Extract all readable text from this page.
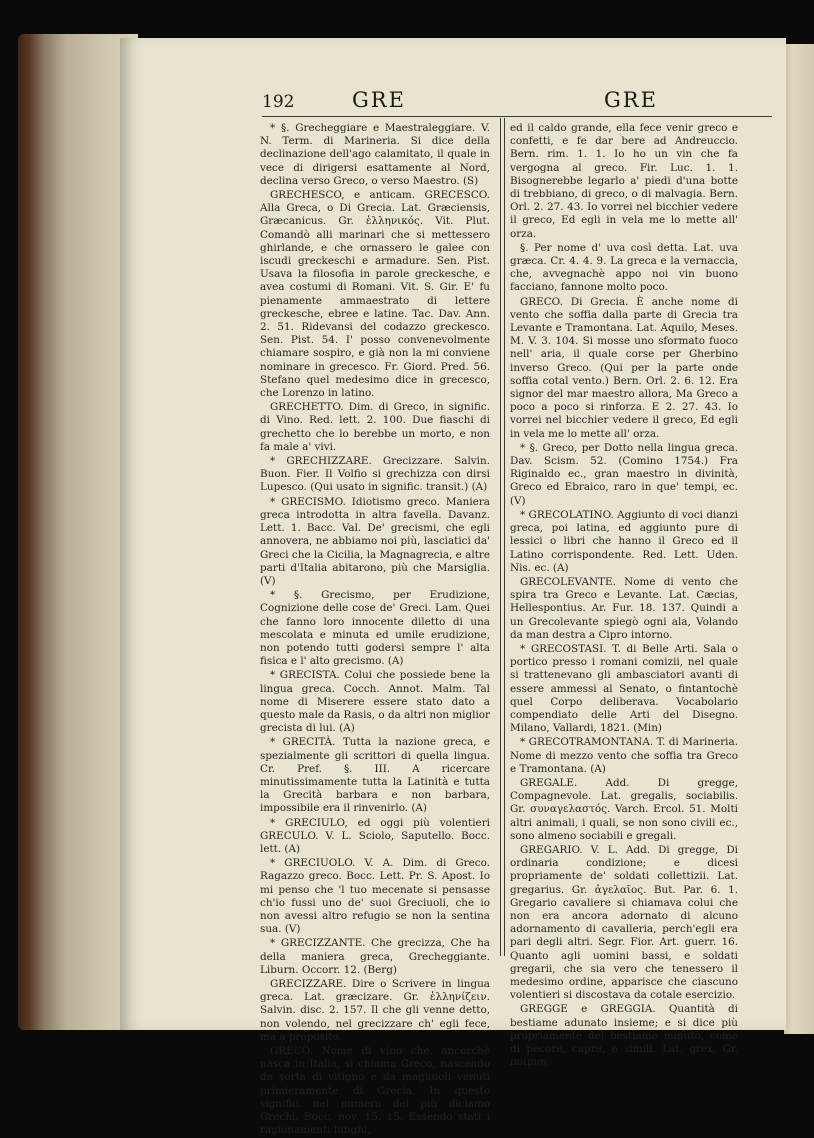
192	GRE	GRE

* §. Grecheggiare e Maestraleggiare. V. N. Term. di Marineria. Si dice della declinazione dell'ago calamitato, il quale in vece di dirigersi esattamente al Nord, declina verso Greco, o verso Maestro. (S)

GRECHESCO, e anticam. GRECESCO. Alla Greca, o Di Grecia. Lat. Græciensis, Græcanicus. Gr. ἑλληνικός. Vit. Plut. Comandò alli marinari che si mettessero ghirlande, e che ornassero le galee con iscudi greckeschi e armadure. Sen. Pist. Usava la filosofia in parole greckesche, e avea costumi di Romani. Vit. S. Gir. E' fu pienamente ammaestrato di lettere greckesche, ebree e latine. Tac. Dav. Ann. 2. 51. Ridevansi del codazzo greckesco. Sen. Pist. 54. I' posso convenevolmente chiamare sospiro, e già non la mi conviene nominare in grecesco. Fr. Giord. Pred. 56. Stefano quel medesimo dice in grecesco, che Lorenzo in latino.

GRECHETTO. Dim. di Greco, in signific. di Vino. Red. lett. 2. 100. Due fiaschi di grechetto che lo berebbe un morto, e non fa male a' vivi.

* GRECHIZZARE. Grecizzare. Salvin. Buon. Fier. Il Volfio si grechizza con dirsi Lupesco. (Qui usato in signific. transit.) (A)

* GRECISMO. Idiotismo greco. Maniera greca introdotta in altra favella. Davanz. Lett. 1. Bacc. Val. De' grecismi, che egli annovera, ne abbiamo noi più, lasciatici da' Greci che la Cicilia, la Magnagrecia, e altre parti d'Italia abitarono, più che Marsiglia. (V)

* §. Grecismo, per Erudizione, Cognizione delle cose de' Greci. Lam. Quei che fanno loro innocente diletto di una mescolata e minuta ed umile erudizione, non potendo tutti godersi sempre l' alta fisica e l' alto grecismo. (A)

* GRECISTA. Colui che possiede bene la lingua greca. Cocch. Annot. Malm. Tal nome di Miserere essere stato dato a questo male da Rasis, o da altri non miglior grecista di lui. (A)

* GRECITÀ. Tutta la nazione greca, e spezialmente gli scrittori di quella lingua. Cr. Pref. §. III. A ricercare minutissimamente tutta la Latinità e tutta la Grecità barbara e non barbara, impossibile era il rinvenirlo. (A)

* GRECIULO, ed oggi più volentieri GRECULO. V. L. Sciolo, Saputello. Bocc. lett. (A)

* GRECIUOLO. V. A. Dim. di Greco. Ragazzo greco. Bocc. Lett. Pr. S. Apost. Io mi penso che 'l tuo mecenate si pensasse ch'io fussi uno de' suoi Greciuoli, che io non avessi altro refugio se non la sentina sua. (V)

* GRECIZZANTE. Che grecizza, Che ha della maniera greca, Grecheggiante. Liburn. Occorr. 12. (Berg)

GRECIZZARE. Dire o Scrivere in lingua greca. Lat. græcizare. Gr. ἑλληνίζειν. Salvin. disc. 2. 157. Il che gli venne detto, non volendo, nel grecizzare ch' egli fece, ma a proposito.

GRECO. Nome di vino che, ancorchè nasca in Italia, si chiama Greco, nascendo da sorta di vitigno e da magliuoli venuti primieramente di Grecia. In questo signific. nel numero del più diciamo Grechi. Bocc. nov. 15. 15. Essendo stati i ragionamenti lunghi,

ed il caldo grande, ella fece venir greco e confetti, e fe dar bere ad Andreuccio. Bern. rim. 1. 1. Io ho un vin che fa vergogna al greco. Fir. Luc. 1. 1. Bisognerebbe legarlo a' piedi d'una botte di trebbiano, di greco, o di malvagia. Bern. Orl. 2. 27. 43. Io vorrei nel bicchier vedere il greco, Ed egli in vela me lo mette all' orza.

§. Per nome d' uva così detta. Lat. uva græca. Cr. 4. 4. 9. La greca e la vernaccia, che, avvegnachè appo noi vin buono facciano, fannone molto poco.

GRECO. Di Grecia. È anche nome di vento che soffia dalla parte di Grecia tra Levante e Tramontana. Lat. Aquilo, Meses. M. V. 3. 104. Si mosse uno sformato fuoco nell' aria, il quale corse per Gherbino inverso Greco. (Qui per la parte onde soffia cotal vento.) Bern. Orl. 2. 6. 12. Era signor del mar maestro allora, Ma Greco a poco a poco si rinforza. E 2. 27. 43. Io vorrei nel bicchier vedere il greco, Ed egli in vela me lo mette all' orza.

* §. Greco, per Dotto nella lingua greca. Dav. Scism. 52. (Comino 1754.) Fra Riginaldo ec., gran maestro in divinità, Greco ed Ebraico, raro in que' tempi, ec. (V)

* GRECOLATINO. Aggiunto di voci dianzi greca, poi latina, ed aggiunto pure di lessici o libri che hanno il Greco ed il Latino corrispondente. Red. Lett. Uden. Nis. ec. (A)

GRECOLEVANTE. Nome di vento che spira tra Greco e Levante. Lat. Cæcias, Hellespontius. Ar. Fur. 18. 137. Quindi a un Grecolevante spiegò ogni ala, Volando da man destra a Cipro intorno.

* GRECOSTASI. T. di Belle Arti. Sala o portico presso i romani comizii, nel quale si trattenevano gli ambasciatori avanti di essere ammessi al Senato, o fintantochè quel Corpo deliberava. Vocabolario compendiato delle Arti del Disegno. Milano, Vallardi, 1821. (Min)

* GRECOTRAMONTANA. T. di Marineria. Nome di mezzo vento che soffia tra Greco e Tramontana. (A)

GREGALE. Add. Di gregge, Compagnevole. Lat. gregalis, sociabilis. Gr. συναγελαστός. Varch. Ercol. 51. Molti altri animali, i quali, se non sono civili ec., sono almeno sociabili e gregali.

GREGARIO. V. L. Add. Di gregge, Di ordinaria condizione; e dicesi propriamente de' soldati collettizii. Lat. gregarius. Gr. ἀγελαῖος. But. Par. 6. 1. Gregario cavaliere si chiamava colui che non era ancora adornato di alcuno adornamento di cavalleria, perch'egli era pari degli altri. Segr. Fior. Art. guerr. 16. Quanto agli uomini bassi, e soldati gregarii, che sia vero che tenessero il medesimo ordine, apparisce che ciascuno volentieri si discostava da cotale esercizio.

GREGGE e GREGGIA. Quantità di bestiame adunato insieme; e si dice più propriamente del bestiame minuto, come di pecore, capre, e simili. Lat. grex. Gr. ποίμνη.
